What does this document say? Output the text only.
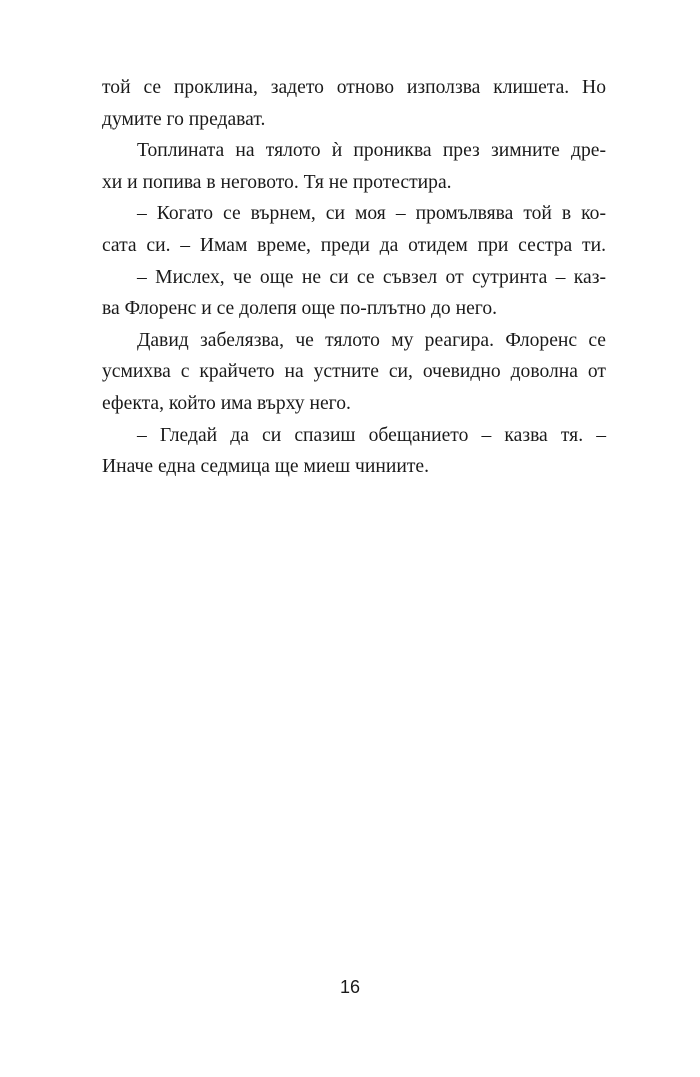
той се проклина, задето отново използва клишета. Но
думите го предават.
Топлината на тялото ѝ прониква през зимните дре-
хи и попива в неговото. Тя не протестира.
– Когато се върнем, си моя – промълвява той в ко-
сата си. – Имам време, преди да отидем при сестра ти.
– Мислех, че още не си се съвзел от сутринта – каз-
ва Флоренс и се долепя още по-плътно до него.
Давид забелязва, че тялото му реагира. Флоренс се
усмихва с крайчето на устните си, очевидно доволна от
ефекта, който има върху него.
– Гледай да си спазиш обещанието – казва тя. –
Иначе една седмица ще миеш чиниите.
16
